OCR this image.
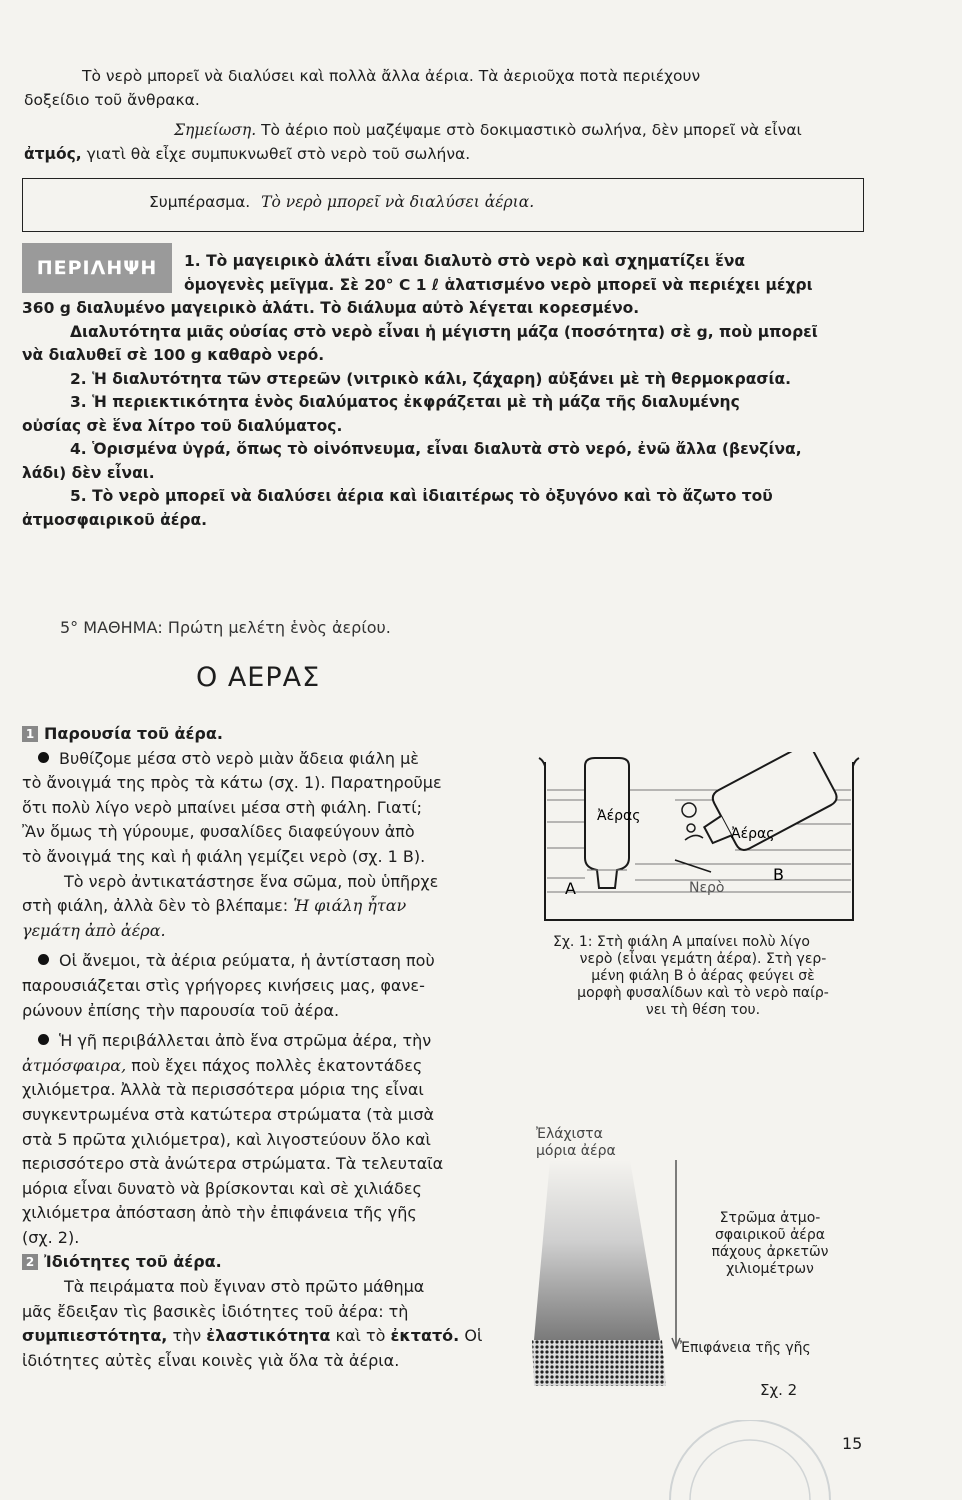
Τὸ νερὸ μπορεῖ νὰ διαλύσει καὶ πολλὰ ἄλλα ἀέρια. Τὰ ἀεριοῦχα ποτὰ περιέχουν
δοξείδιο τοῦ ἄνθρακα.
Σημείωση. Τὸ ἀέριο ποὺ μαζέψαμε στὸ δοκιμαστικὸ σωλήνα, δὲν μπορεῖ νὰ εἶναι
ἀτμός, γιατὶ θὰ εἶχε συμπυκνωθεῖ στὸ νερὸ τοῦ σωλήνα.
Συμπέρασμα. Τὸ νερὸ μπορεῖ νὰ διαλύσει ἀέρια.
ΠΕΡΙΛΗΨΗ	1. Τὸ μαγειρικὸ ἁλάτι εἶναι διαλυτὸ στὸ νερὸ καὶ σχηματίζει ἕνα
ὁμογενὲς μεῖγμα. Σὲ 20° C 1 ℓ ἁλατισμένο νερὸ μπορεῖ νὰ περιέχει μέχρι
360 g διαλυμένο μαγειρικὸ ἁλάτι. Τὸ διάλυμα αὐτὸ λέγεται κορεσμένο.
Διαλυτότητα μιᾶς οὐσίας στὸ νερὸ εἶναι ἡ μέγιστη μάζα (ποσότητα) σὲ g, ποὺ μπορεῖ
νὰ διαλυθεῖ σὲ 100 g καθαρὸ νερό.
2. Ἡ διαλυτότητα τῶν στερεῶν (νιτρικὸ κάλι, ζάχαρη) αὐξάνει μὲ τὴ θερμοκρασία.
3. Ἡ περιεκτικότητα ἑνὸς διαλύματος ἐκφράζεται μὲ τὴ μάζα τῆς διαλυμένης
οὐσίας σὲ ἕνα λίτρο τοῦ διαλύματος.
4. Ὁρισμένα ὑγρά, ὅπως τὸ οἰνόπνευμα, εἶναι διαλυτὰ στὸ νερό, ἐνῶ ἄλλα (βενζίνα,
λάδι) δὲν εἶναι.
5. Τὸ νερὸ μπορεῖ νὰ διαλύσει ἀέρια καὶ ἰδιαιτέρως τὸ ὀξυγόνο καὶ τὸ ἄζωτο τοῦ
ἀτμοσφαιρικοῦ ἀέρα.
5° ΜΑΘΗΜΑ: Πρώτη μελέτη ἑνὸς ἀερίου.
Ο ΑΕΡΑΣ
1 Παρουσία τοῦ ἀέρα.
Βυθίζομε μέσα στὸ νερὸ μιὰν ἄδεια φιάλη μὲ
τὸ ἄνοιγμά της πρὸς τὰ κάτω (σχ. 1). Παρατηροῦμε
ὅτι πολὺ λίγο νερὸ μπαίνει μέσα στὴ φιάλη. Γιατί;
Ἂν ὅμως τὴ γύρουμε, φυσαλίδες διαφεύγουν ἀπὸ
τὸ ἄνοιγμά της καὶ ἡ φιάλη γεμίζει νερὸ (σχ. 1 Β).
Τὸ νερὸ ἀντικατάστησε ἕνα σῶμα, ποὺ ὑπῆρχε
στὴ φιάλη, ἀλλὰ δὲν τὸ βλέπαμε: Ἡ φιάλη ἦταν
γεμάτη ἀπὸ ἀέρα.
Οἱ ἄνεμοι, τὰ ἀέρια ρεύματα, ἡ ἀντίσταση ποὺ
παρουσιάζεται στὶς γρήγορες κινήσεις μας, φανε-
ρώνουν ἐπίσης τὴν παρουσία τοῦ ἀέρα.
Ἡ γῆ περιβάλλεται ἀπὸ ἕνα στρῶμα ἀέρα, τὴν
ἀτμόσφαιρα, ποὺ ἔχει πάχος πολλὲς ἑκατοντάδες
χιλιόμετρα. Ἀλλὰ τὰ περισσότερα μόρια της εἶναι
συγκεντρωμένα στὰ κατώτερα στρώματα (τὰ μισὰ
στὰ 5 πρῶτα χιλιόμετρα), καὶ λιγοστεύουν ὅλο καὶ
περισσότερο στὰ ἀνώτερα στρώματα. Τὰ τελευταῖα
μόρια εἶναι δυνατὸ νὰ βρίσκονται καὶ σὲ χιλιάδες
χιλιόμετρα ἀπόσταση ἀπὸ τὴν ἐπιφάνεια τῆς γῆς
(σχ. 2).
2 Ἰδιότητες τοῦ ἀέρα.
Τὰ πειράματα ποὺ ἔγιναν στὸ πρῶτο μάθημα
μᾶς ἔδειξαν τὶς βασικὲς ἰδιότητες τοῦ ἀέρα: τὴ
συμπιεστότητα, τὴν ἐλαστικότητα καὶ τὸ ἐκτατό. Οἱ
ἰδιότητες αὐτὲς εἶναι κοινὲς γιὰ ὅλα τὰ ἀέρια.
Ἀέρας
Ἀέρας
Νερὸ
Α
Β
Σχ. 1: Στὴ φιάλη Α μπαίνει πολὺ λίγο
νερὸ (εἶναι γεμάτη ἀέρα). Στὴ γερ-
μένη φιάλη Β ὁ ἀέρας φεύγει σὲ
μορφὴ φυσαλίδων καὶ τὸ νερὸ παίρ-
νει τὴ θέση του.
Ἐλάχιστα
μόρια ἀέρα
Στρῶμα ἀτμο-
σφαιρικοῦ ἀέρα
πάχους ἀρκετῶν
χιλιομέτρων
Ἐπιφάνεια τῆς γῆς
Σχ. 2
15
